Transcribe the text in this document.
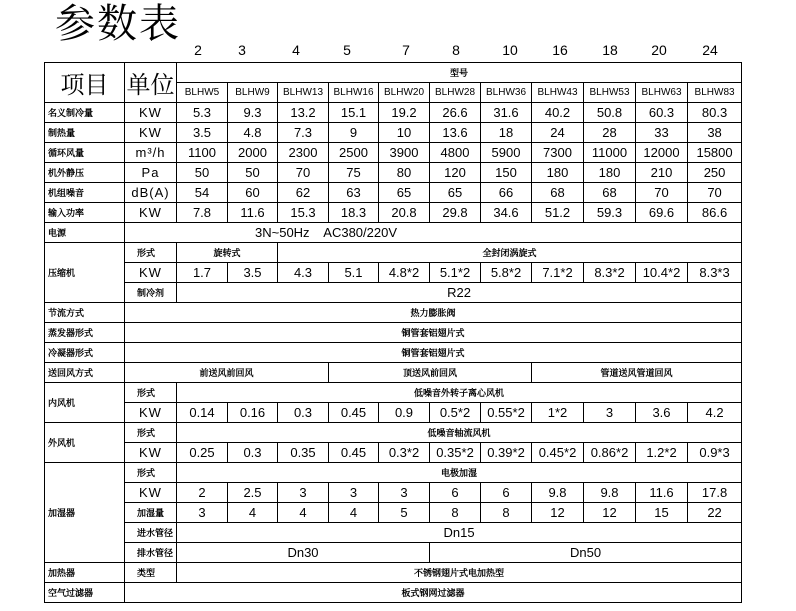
参数表
2	3	4	5	7	8	10	16	18	20	24
项目	单位	型号										
		BLHW5	BLHW9	BLHW13	BLHW16	BLHW20	BLHW28	BLHW36	BLHW43	BLHW53	BLHW63	BLHW83
名义制冷量	KW	5.3	9.3	13.2	15.1	19.2	26.6	31.6	40.2	50.8	60.3	80.3
制热量	KW	3.5	4.8	7.3	9	10	13.6	18	24	28	33	38
循环风量	m³/h	1100	2000	2300	2500	3900	4800	5900	7300	11000	12000	15800
机外静压	Pa	50	50	70	75	80	120	150	180	180	210	250
机组噪音	dB(A)	54	60	62	63	65	65	66	68	68	70	70
输入功率	KW	7.8	11.6	15.3	18.3	20.8	29.8	34.6	51.2	59.3	69.6	86.6
电源	3N~50Hz    AC380/220V											
压缩机	形式	旋转式		全封闭涡旋式								
	KW	1.7	3.5	4.3	5.1	4.8*2	5.1*2	5.8*2	7.1*2	8.3*2	10.4*2	8.3*3
	制冷剂	R22										
节流方式	热力膨胀阀											
蒸发器形式	铜管套铝翅片式											
冷凝器形式	铜管套铝翅片式											
送回风方式	前送风前回风				顶送风前回风				管道送风管道回风			
内风机	形式	低噪音外转子离心风机										
	KW	0.14	0.16	0.3	0.45	0.9	0.5*2	0.55*2	1*2	3	3.6	4.2
外风机	形式	低噪音轴流风机										
	KW	0.25	0.3	0.35	0.45	0.3*2	0.35*2	0.39*2	0.45*2	0.86*2	1.2*2	0.9*3
加湿器	形式	电极加湿										
	KW	2	2.5	3	3	3	6	6	9.8	9.8	11.6	17.8
	加湿量	3	4	4	4	5	8	8	12	12	15	22
	进水管径	Dn15										
	排水管径	Dn30					Dn50					
加热器	类型	不锈钢翅片式电加热型										
空气过滤器	板式钢网过滤器											
